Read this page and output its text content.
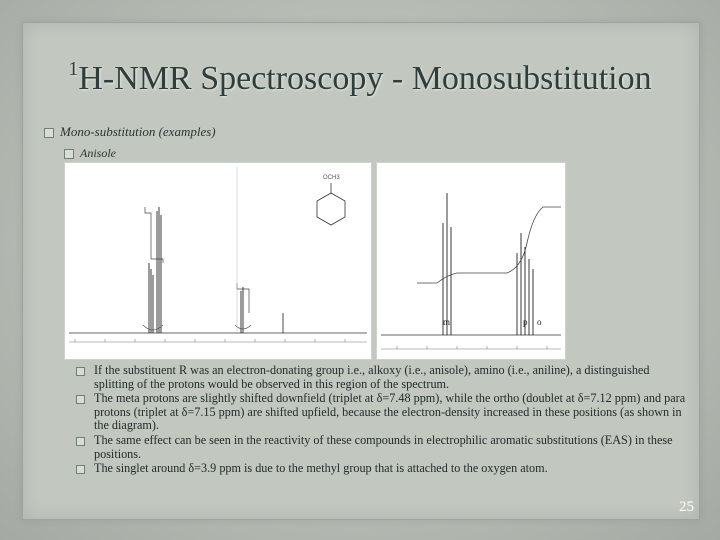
$^1$H-NMR Spectroscopy - Monosubstitution
Mono-substitution (examples)
Anisole
OCH3
m	p o
If the substituent R was an electron-donating group i.e., alkoxy (i.e., anisole), amino (i.e., aniline), a distinguished splitting of the protons would be observed in this region of the spectrum.
The meta protons are slightly shifted downfield (triplet at δ=7.48 ppm), while the ortho (doublet at δ=7.12 ppm) and para protons (triplet at δ=7.15 ppm) are shifted upfield, because the electron-density increased in these positions (as shown in the diagram).
The same effect can be seen in the reactivity of these compounds in electrophilic aromatic substitutions (EAS) in these positions.
The singlet around δ=3.9 ppm is due to the methyl group that is attached to the oxygen atom.
25
